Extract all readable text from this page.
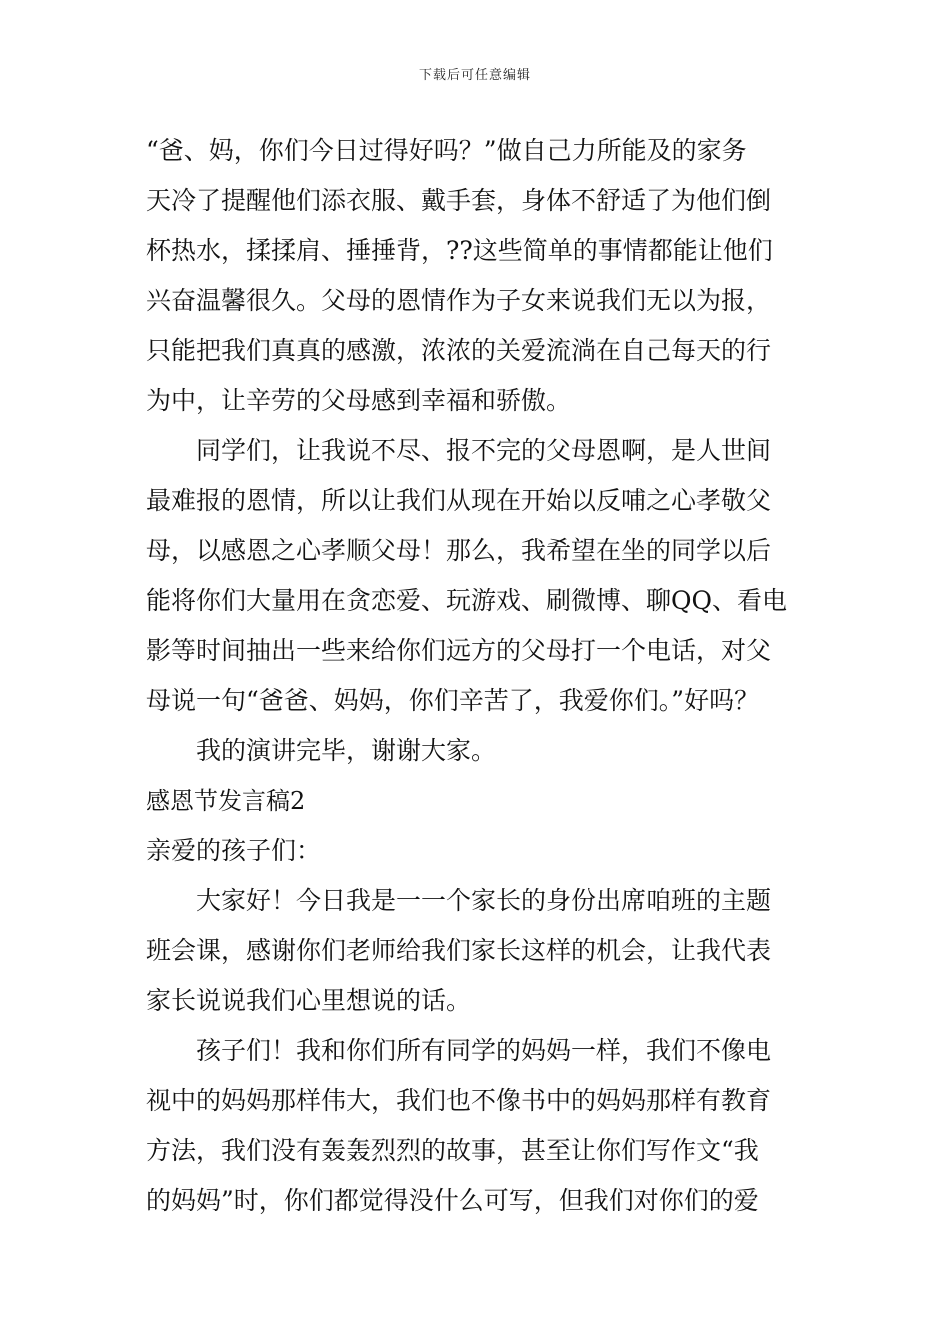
下载后可任意编辑
“爸、妈，你们今日过得好吗？”做自己力所能及的家务
天冷了提醒他们添衣服、戴手套，身体不舒适了为他们倒
杯热水，揉揉肩、捶捶背，??这些简单的事情都能让他们
兴奋温馨很久。父母的恩情作为子女来说我们无以为报，
只能把我们真真的感激，浓浓的关爱流淌在自己每天的行
为中，让辛劳的父母感到幸福和骄傲。
同学们，让我说不尽、报不完的父母恩啊，是人世间
最难报的恩情，所以让我们从现在开始以反哺之心孝敬父
母，以感恩之心孝顺父母！那么，我希望在坐的同学以后
能将你们大量用在贪恋爱、玩游戏、刷微博、聊QQ、看电
影等时间抽出一些来给你们远方的父母打一个电话，对父
母说一句“爸爸、妈妈，你们辛苦了，我爱你们。”好吗？
我的演讲完毕，谢谢大家。
感恩节发言稿2
亲爱的孩子们：
大家好！今日我是一一个家长的身份出席咱班的主题
班会课，感谢你们老师给我们家长这样的机会，让我代表
家长说说我们心里想说的话。
孩子们！我和你们所有同学的妈妈一样，我们不像电
视中的妈妈那样伟大，我们也不像书中的妈妈那样有教育
方法，我们没有轰轰烈烈的故事，甚至让你们写作文“我
的妈妈”时，你们都觉得没什么可写，但我们对你们的爱
